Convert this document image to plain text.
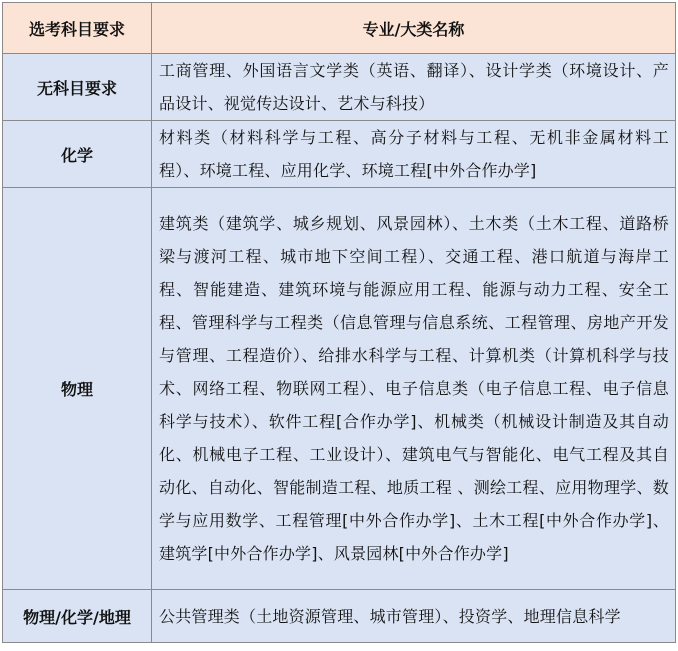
选考科目要求	专业/大类名称
无科目要求	工商管理、外国语言文学类（英语、翻译）、设计学类（环境设计、产品设计、视觉传达设计、艺术与科技）
化学	材料类（材料科学与工程、高分子材料与工程、无机非金属材料工程）、环境工程、应用化学、环境工程[中外合作办学]
物理	建筑类（建筑学、城乡规划、风景园林）、土木类（土木工程、道路桥梁与渡河工程、城市地下空间工程）、交通工程、港口航道与海岸工程、智能建造、建筑环境与能源应用工程、能源与动力工程、安全工程、管理科学与工程类（信息管理与信息系统、工程管理、房地产开发与管理、工程造价）、给排水科学与工程、计算机类（计算机科学与技术、网络工程、物联网工程）、电子信息类（电子信息工程、电子信息科学与技术）、软件工程[合作办学]、机械类（机械设计制造及其自动化、机械电子工程、工业设计）、建筑电气与智能化、电气工程及其自动化、自动化、智能制造工程、地质工程 、测绘工程、应用物理学、数学与应用数学、工程管理[中外合作办学]、土木工程[中外合作办学]、建筑学[中外合作办学]、风景园林[中外合作办学]
物理/化学/地理	公共管理类（土地资源管理、城市管理）、投资学、地理信息科学
